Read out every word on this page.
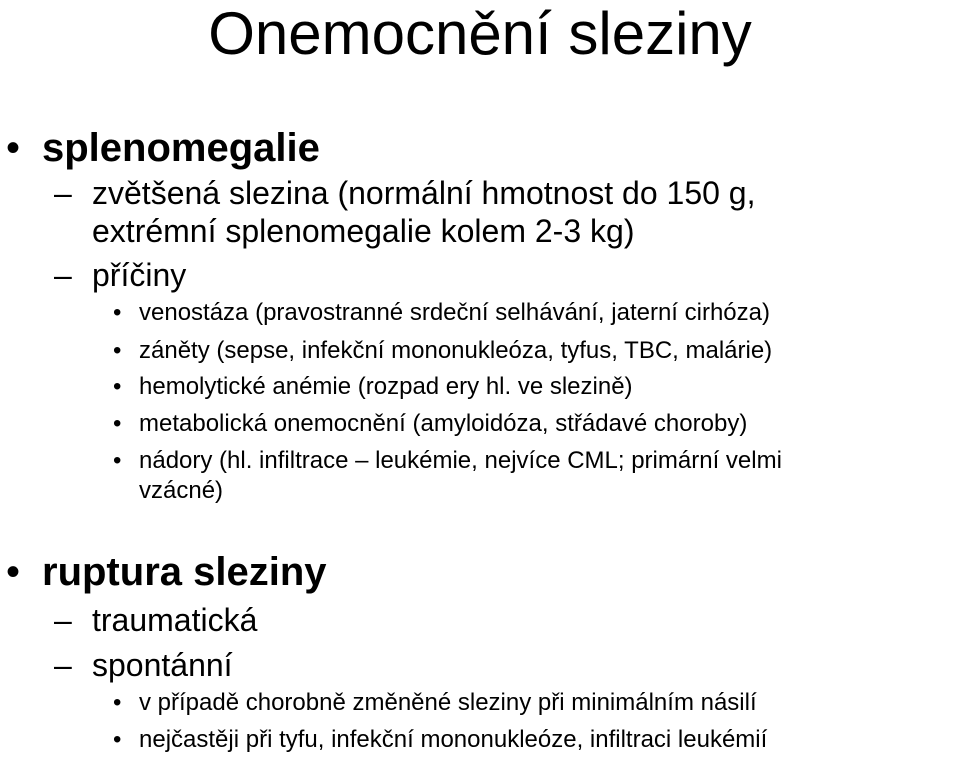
Onemocnění sleziny
• splenomegalie
– zvětšená slezina (normální hmotnost do 150 g,
extrémní splenomegalie kolem 2-3 kg)
– příčiny
• venostáza (pravostranné srdeční selhávání, jaterní cirhóza)
• záněty (sepse, infekční mononukleóza, tyfus, TBC, malárie)
• hemolytické anémie (rozpad ery hl. ve slezině)
• metabolická onemocnění (amyloidóza, střádavé choroby)
• nádory (hl. infiltrace – leukémie, nejvíce CML; primární velmi
vzácné)
• ruptura sleziny
– traumatická
– spontánní
• v případě chorobně změněné sleziny při minimálním násilí
• nejčastěji při tyfu, infekční mononukleóze, infiltraci leukémií
